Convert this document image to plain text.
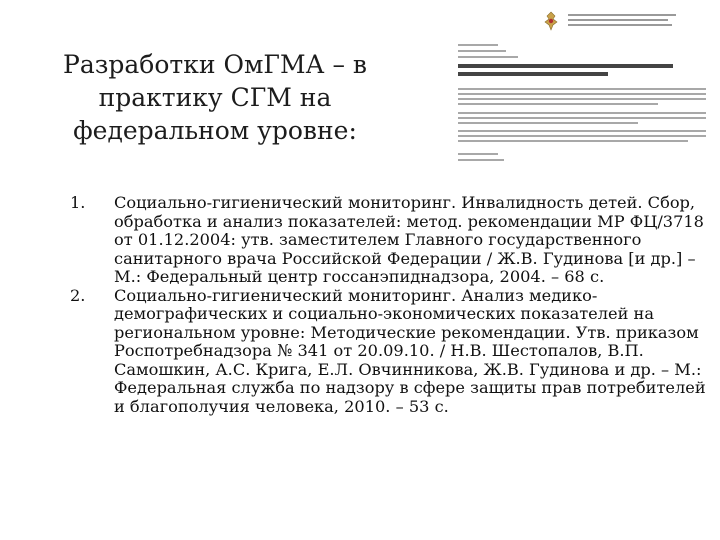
Разработки ОмГМА – в практику СГМ на федеральном уровне:
1. Социально-гигиенический мониторинг. Инвалидность детей. Сбор, обработка и анализ показателей: метод. рекомендации МР ФЦ/3718 от 01.12.2004: утв. заместителем Главного государственного санитарного врача Российской Федерации / Ж.В. Гудинова [и др.] – М.: Федеральный центр госсанэпиднадзора, 2004. – 68 с.
2. Социально-гигиенический мониторинг. Анализ медико-демографических и социально-экономических показателей на региональном уровне: Методические рекомендации. Утв. приказом Роспотребнадзора № 341 от 20.09.10. / Н.В. Шестопалов, В.П. Самошкин, А.С. Крига, Е.Л. Овчинникова, Ж.В. Гудинова и др. – М.: Федеральная служба по надзору в сфере защиты прав потребителей и благополучия человека, 2010. – 53 с.
